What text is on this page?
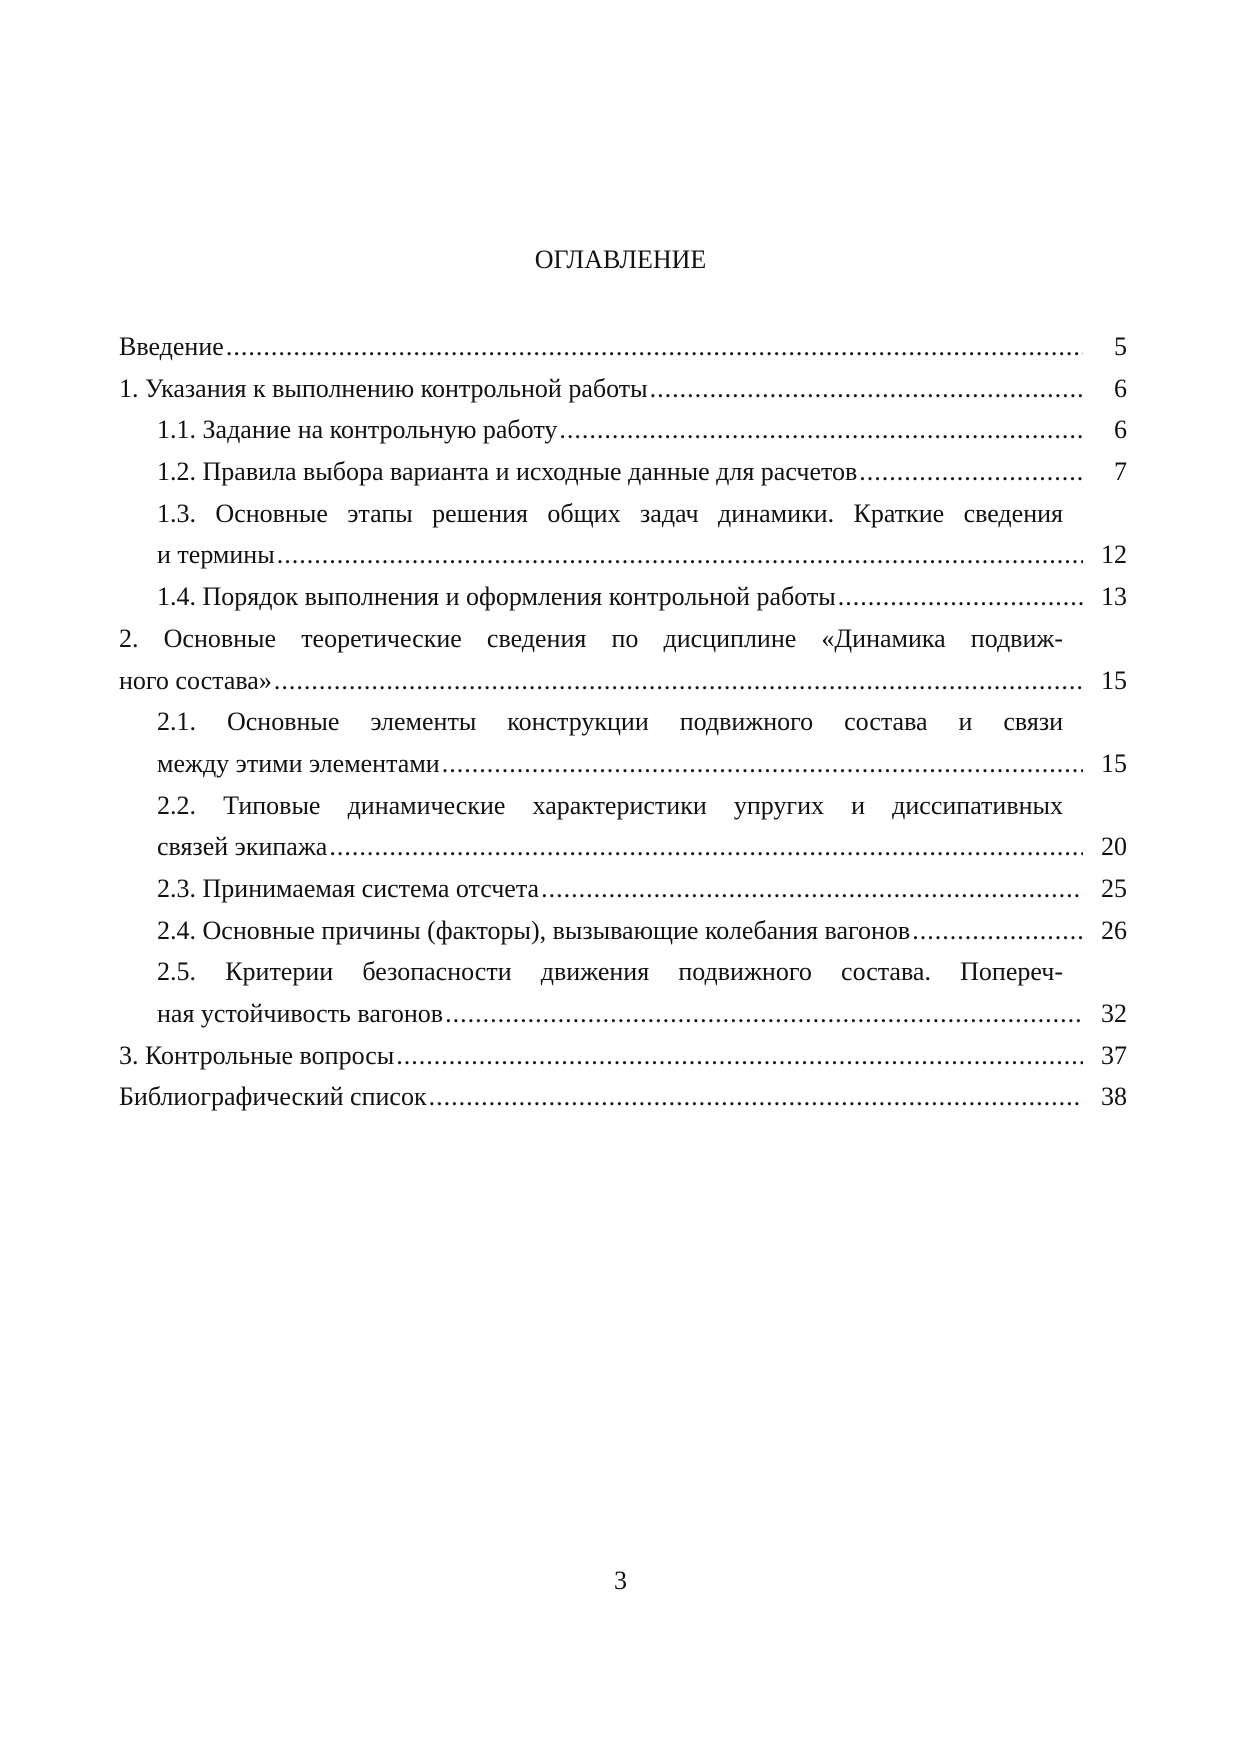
ОГЛАВЛЕНИЕ
Введение .....	5
1. Указания к выполнению контрольной работы .....	6
1.1. Задание на контрольную работу .....	6
1.2. Правила выбора варианта и исходные данные для расчетов .....	7
1.3. Основные этапы решения общих задач динамики. Краткие сведения
и термины .....	12
1.4. Порядок выполнения и оформления контрольной работы .....	13
2. Основные теоретические сведения по дисциплине «Динамика подвиж-
ного состава» .....	15
2.1. Основные элементы конструкции подвижного состава и связи
между этими элементами .....	15
2.2. Типовые динамические характеристики упругих и диссипативных
связей экипажа .....	20
2.3. Принимаемая система отсчета .....	25
2.4. Основные причины (факторы), вызывающие колебания вагонов .....	26
2.5. Критерии безопасности движения подвижного состава. Попереч-
ная устойчивость вагонов .....	32
3. Контрольные вопросы .....	37
Библиографический список .....	38
3
